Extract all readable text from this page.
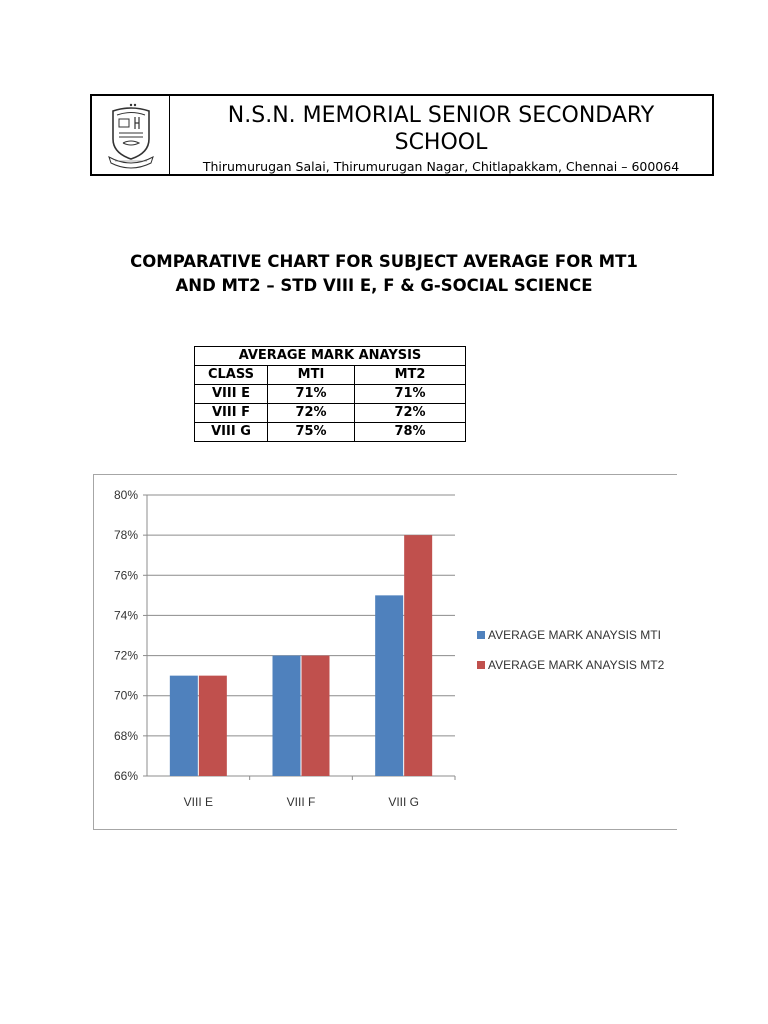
N.S.N. MEMORIAL SENIOR SECONDARY SCHOOL
Thirumurugan Salai, Thirumurugan Nagar, Chitlapakkam, Chennai – 600064
COMPARATIVE CHART FOR SUBJECT AVERAGE FOR MT1
AND MT2 – STD VIII E, F & G-SOCIAL SCIENCE
AVERAGE MARK ANAYSIS		
CLASS	MTI	MT2
VIII E	71%	71%
VIII F	72%	72%
VIII G	75%	78%
66%
68%
70%
72%
74%
76%
78%
80%
VIII E	VIII F	VIII G
AVERAGE MARK ANAYSIS MTI
AVERAGE MARK ANAYSIS MT2
